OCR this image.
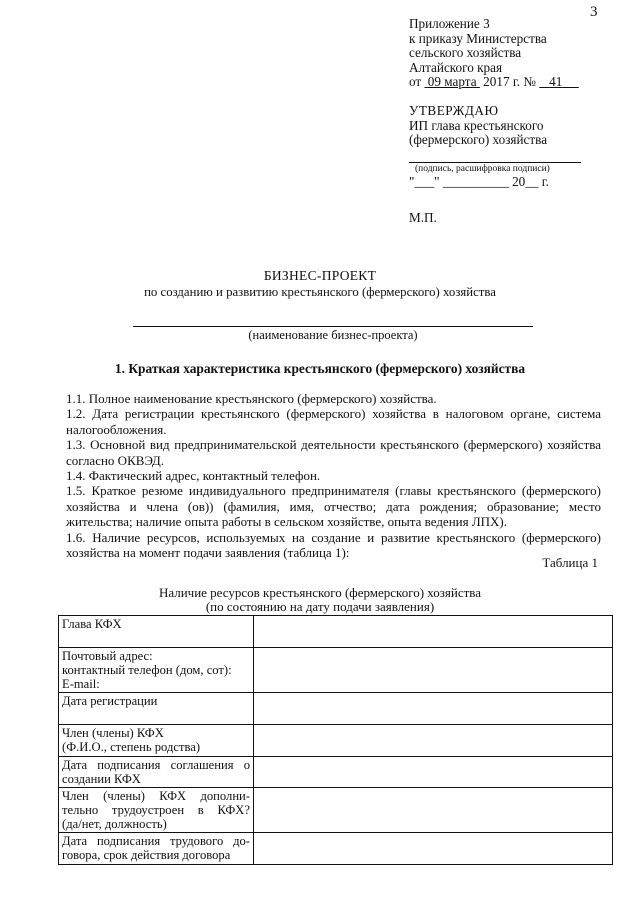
3
Приложение 3
к приказу Министерства
сельского хозяйства
Алтайского края
от 09 марта 2017 г. № 41
УТВЕРЖДАЮ
ИП глава крестьянского
(фермерского) хозяйства
(подпись, расшифровка подписи)
"___" __________ 20__ г.
М.П.
БИЗНЕС-ПРОЕКТ
по созданию и развитию крестьянского (фермерского) хозяйства
(наименование бизнес-проекта)
1. Краткая характеристика крестьянского (фермерского) хозяйства

1.1. Полное наименование крестьянского (фермерского) хозяйства.

1.2. Дата регистрации крестьянского (фермерского) хозяйства в налоговом органе, система налогообложения.

1.3. Основной вид предпринимательской деятельности крестьянского (фермерского) хозяйства согласно ОКВЭД.

1.4. Фактический адрес, контактный телефон.

1.5. Краткое резюме индивидуального предпринимателя (главы крестьянского (фермерского) хозяйства и члена (ов)) (фамилия, имя, отчество; дата рождения; образование; место жительства; наличие опыта работы в сельском хозяйстве, опыта ведения ЛПХ).

1.6. Наличие ресурсов, используемых на создание и развитие крестьянского (фермерского) хозяйства на момент подачи заявления (таблица 1):

Таблица 1
Наличие ресурсов крестьянского (фермерского) хозяйства
(по состоянию на дату подачи заявления)
Глава КФХ	

Почтовый адрес:
контактный телефон (дом, сот):
E-mail:	

Дата регистрации	

Член (члены) КФХ
(Ф.И.О., степень родства)	

Дата подписания соглашения о
создании КФХ	

Член (члены) КФХ дополни-
тельно трудоустроен в КФХ?
(да/нет, должность)	

Дата подписания трудового до-
говора, срок действия договора	
